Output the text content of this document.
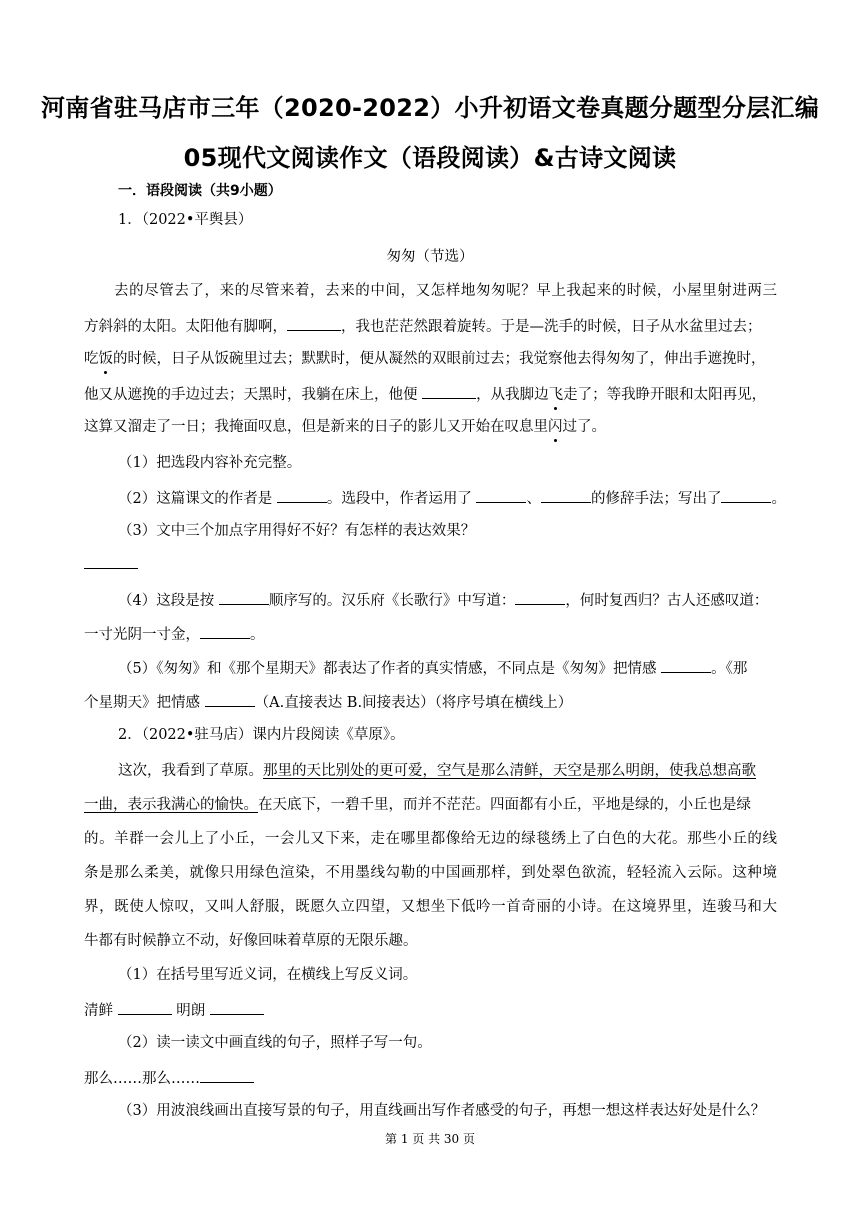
河南省驻马店市三年（2020-2022）小升初语文卷真题分题型分层汇编
05现代文阅读作文（语段阅读）&古诗文阅读
一．语段阅读（共9小题）
1．（2022•平舆县）
匆匆（节选）
去的尽管去了，来的尽管来着，去来的中间，又怎样地匆匆呢？早上我起来的时候，小屋里射进两三
方斜斜的太阳。太阳他有脚啊，	，我也茫茫然跟着旋转。于是—洗手的时候，日子从水盆里过去；
吃饭的时候，日子从饭碗里过去；默默时，便从凝然的双眼前过去；我觉察他去得匆匆了，伸出手遮挽时，
他又从遮挽的手边过去；天黑时，我躺在床上，他便	，从我脚边飞走了；等我睁开眼和太阳再见，
这算又溜走了一日；我掩面叹息，但是新来的日子的影儿又开始在叹息里闪过了。
（1）把选段内容补充完整。
（2）这篇课文的作者是	。选段中，作者运用了	、	的修辞手法；写出了	。
（3）文中三个加点字用得好不好？有怎样的表达效果？
（4）这段是按	顺序写的。汉乐府《长歌行》中写道：	，何时复西归？古人还感叹道：
一寸光阴一寸金，	。
（5）《匆匆》和《那个星期天》都表达了作者的真实情感，不同点是《匆匆》把情感	。《那
个星期天》把情感	（A.直接表达 B.间接表达）（将序号填在横线上）
2．（2022•驻马店）课内片段阅读《草原》。
这次，我看到了草原。那里的天比别处的更可爱，空气是那么清鲜，天空是那么明朗，使我总想高歌
一曲，表示我满心的愉快。在天底下，一碧千里，而并不茫茫。四面都有小丘，平地是绿的，小丘也是绿
的。羊群一会儿上了小丘，一会儿又下来，走在哪里都像给无边的绿毯绣上了白色的大花。那些小丘的线
条是那么柔美，就像只用绿色渲染，不用墨线勾勒的中国画那样，到处翠色欲流，轻轻流入云际。这种境
界，既使人惊叹，又叫人舒服，既愿久立四望，又想坐下低吟一首奇丽的小诗。在这境界里，连骏马和大
牛都有时候静立不动，好像回味着草原的无限乐趣。
（1）在括号里写近义词，在横线上写反义词。
清鲜	明朗
（2）读一读文中画直线的句子，照样子写一句。
那么……那么……
（3）用波浪线画出直接写景的句子，用直线画出写作者感受的句子，再想一想这样表达好处是什么？
第 1 页 共 30 页
